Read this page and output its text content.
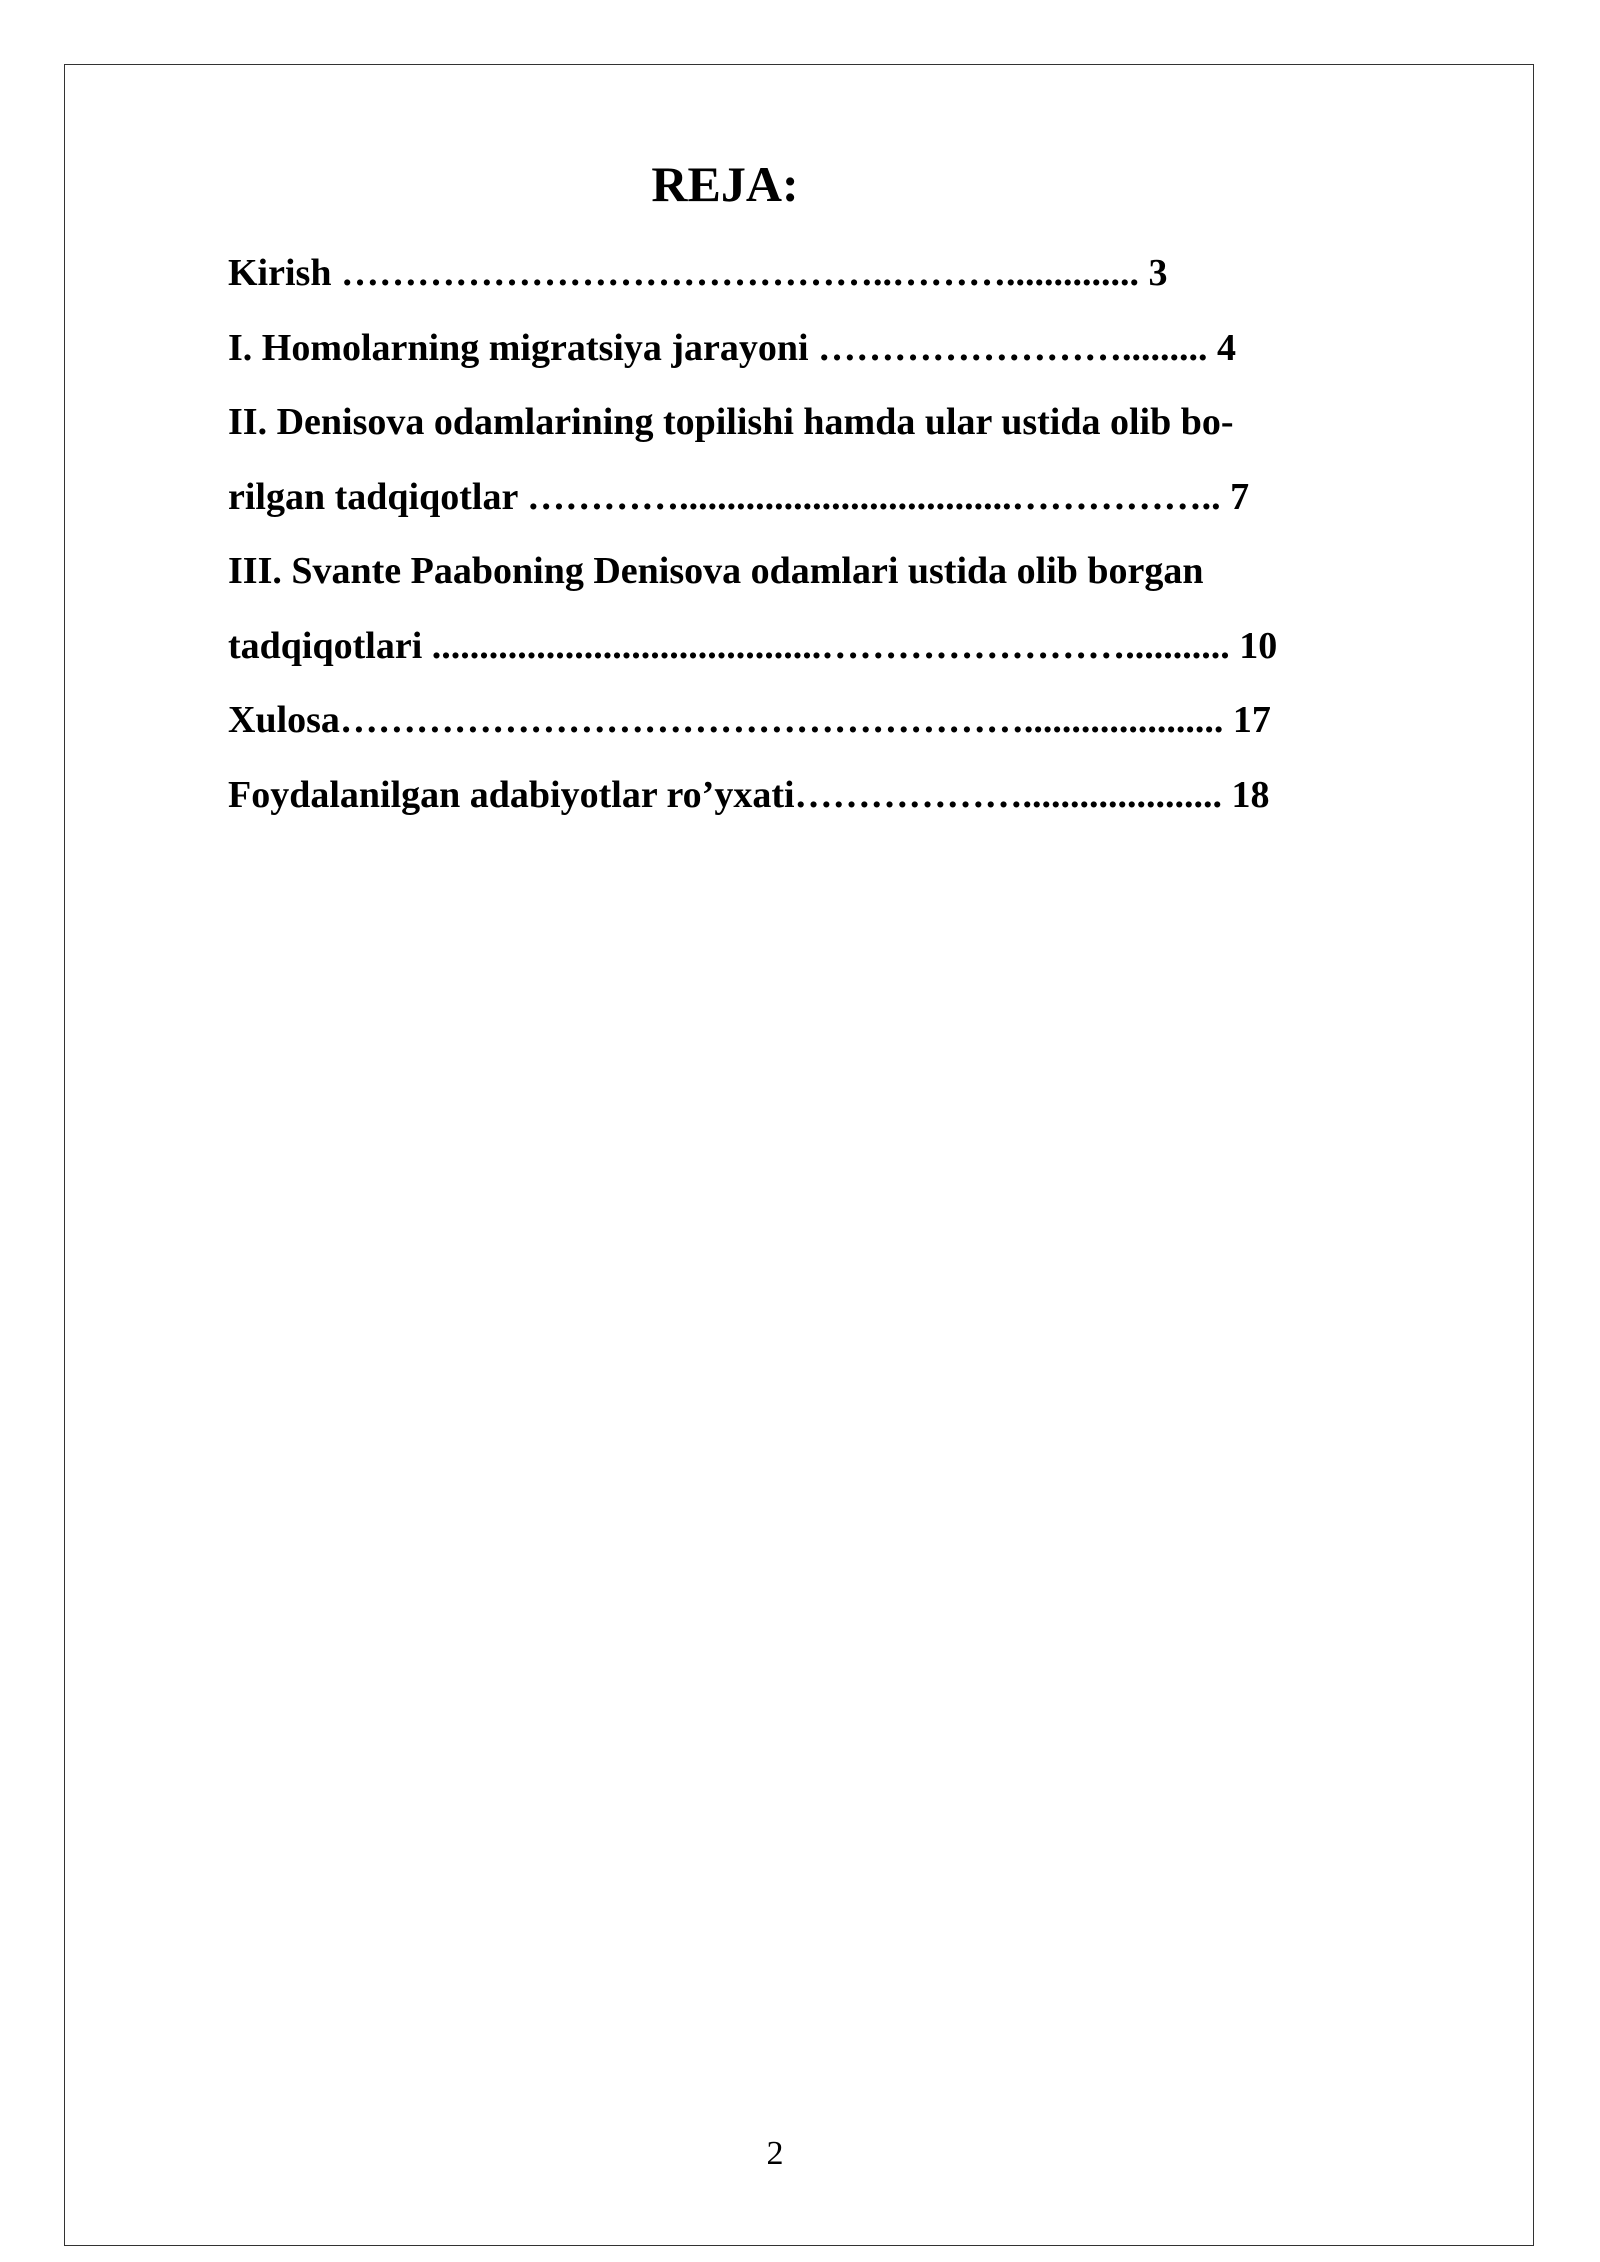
REJA:
Kirish ……………………………………..……….............. 3
I. Homolarning migratsiya jarayoni ……………………......... 4
II. Denisova odamlarining topilishi hamda ular ustida olib bo-
rilgan tadqiqotlar …………...................................…………….. 7
III. Svante Paaboning Denisova odamlari ustida olib borgan
tadqiqotlari .........................................……………………........... 10
Xulosa………………………………………………..................... 17
Foydalanilgan adabiyotlar ro’yxati………………..................... 18
2
